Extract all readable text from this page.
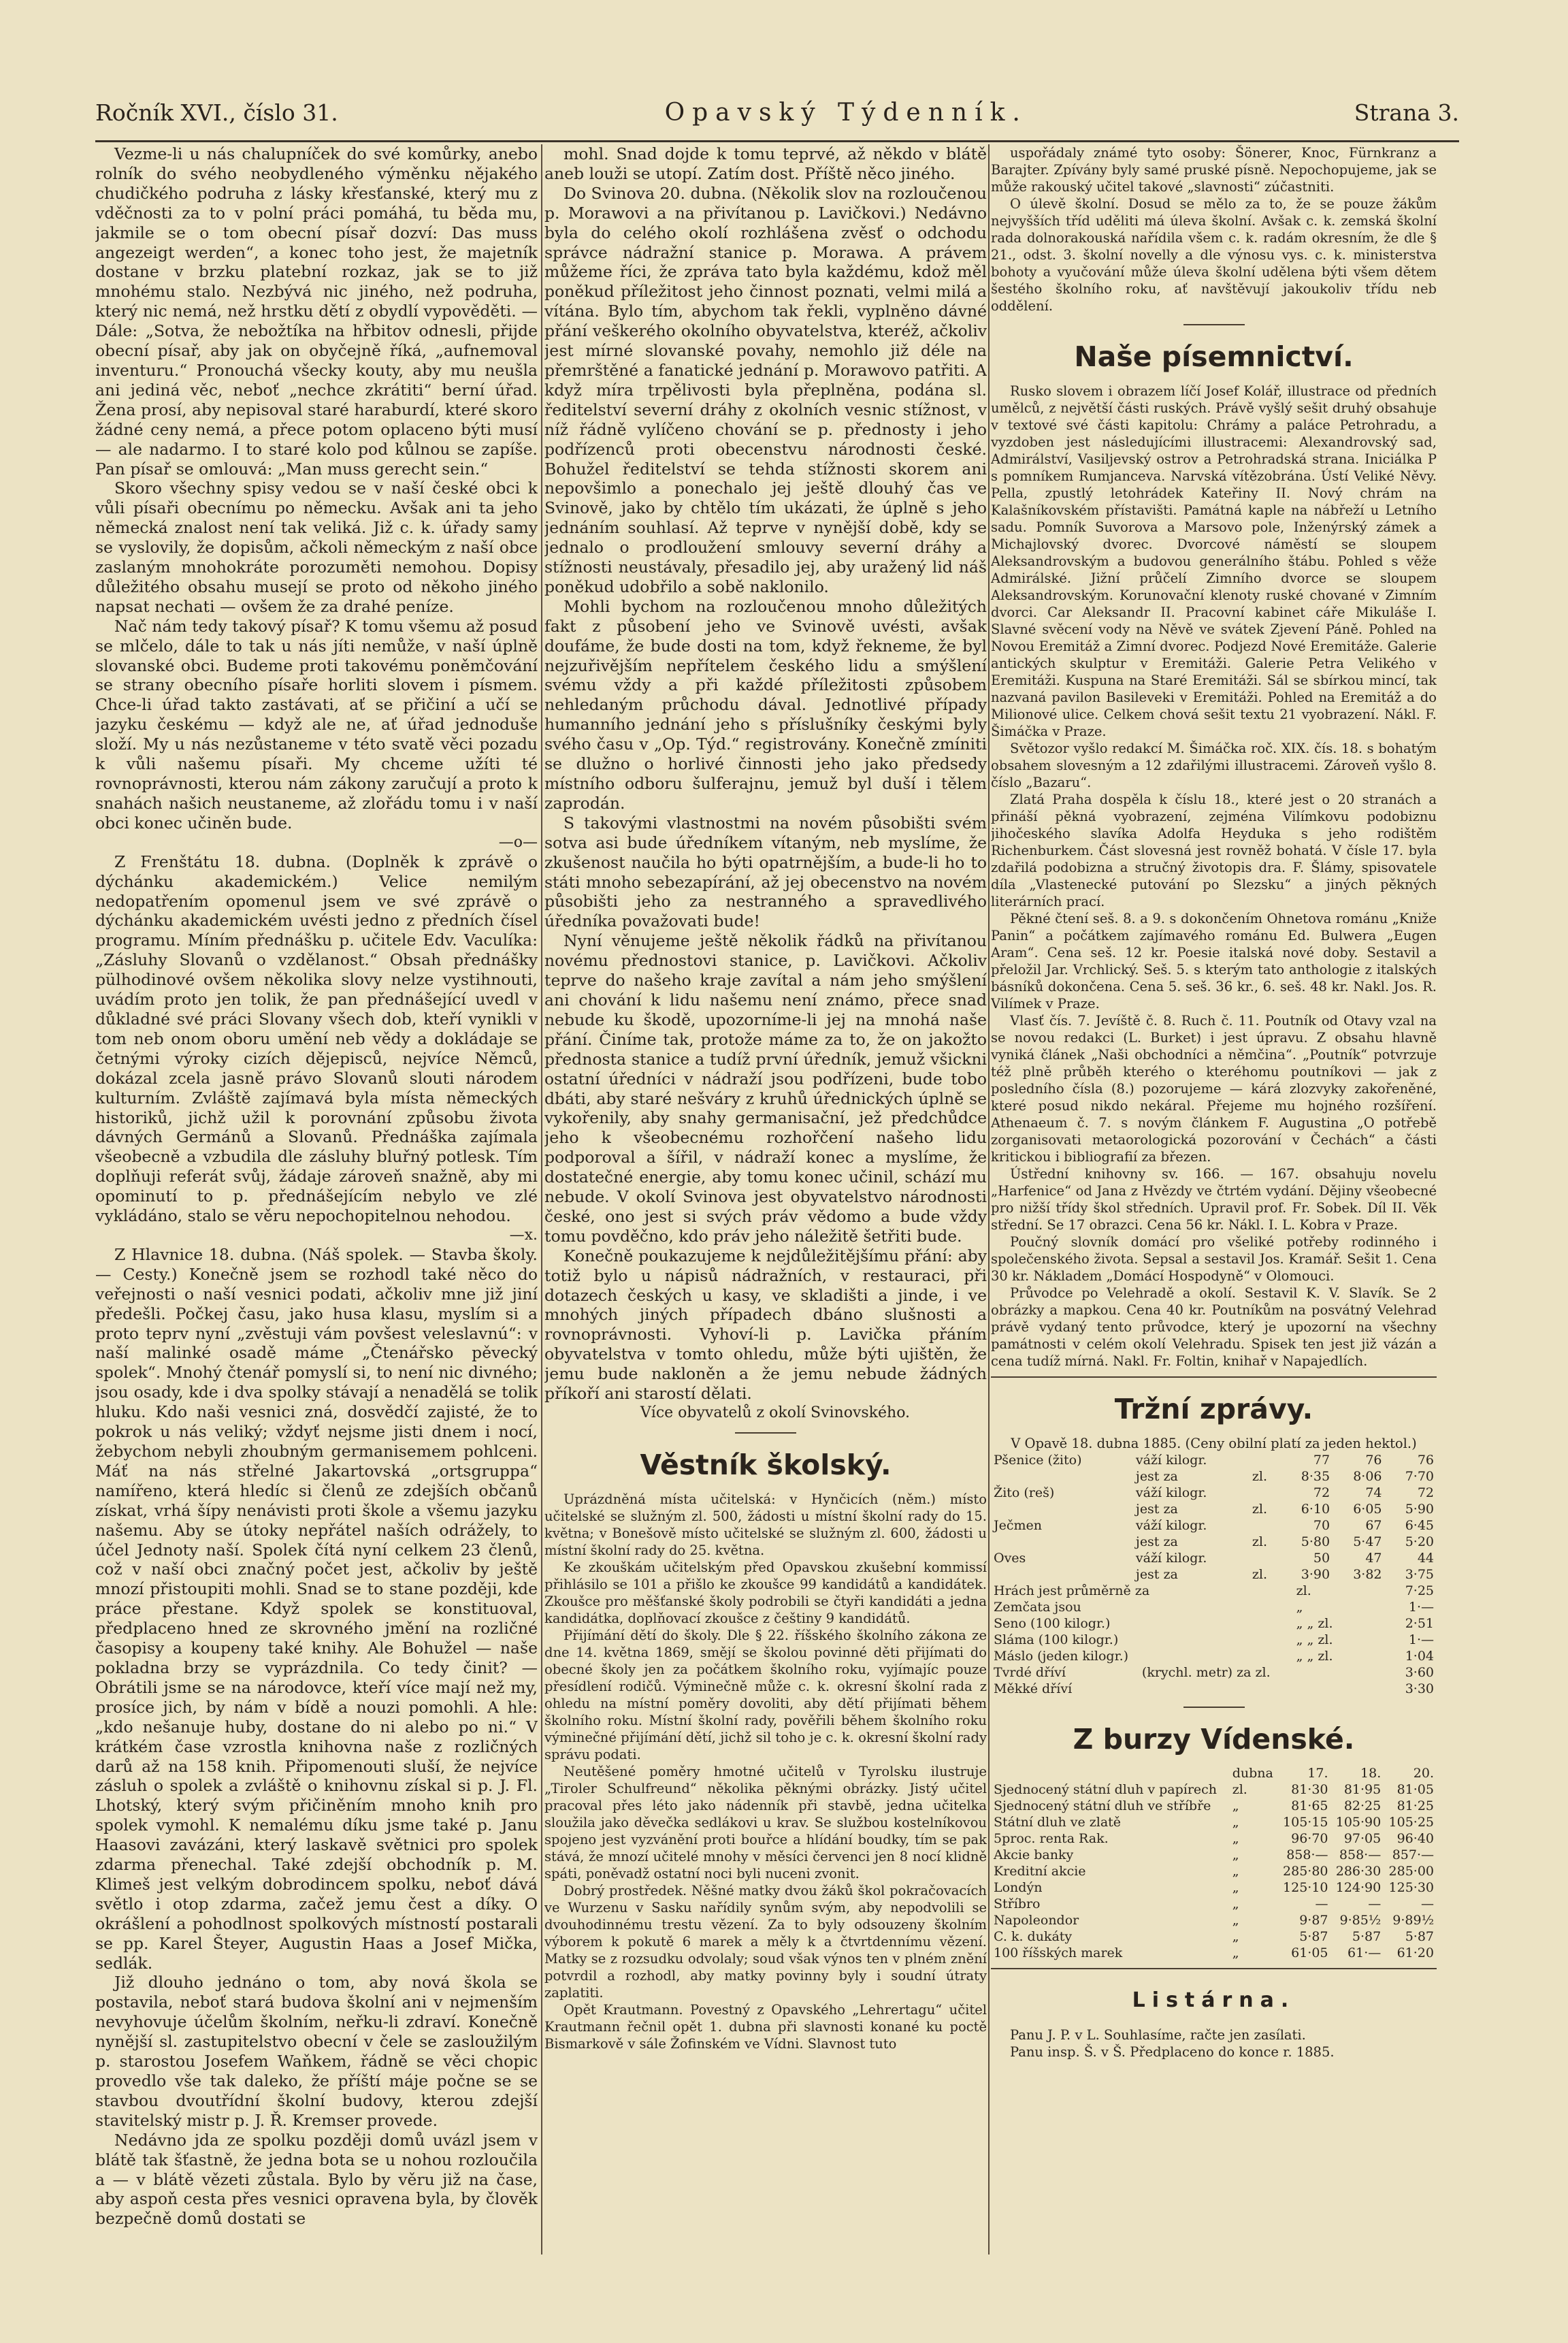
Ročník XVI., číslo 31.	Opavský Týdenník.	Strana 3.

Vezme-li u nás chalupníček do své komůrky, anebo rolník do svého neobydleného výměnku nějakého chudičkého podruha z lásky křesťanské, který mu z vděčnosti za to v polní práci pomáhá, tu běda mu, jakmile se o tom obecní písař dozví: Das muss angezeigt werden“, a konec toho jest, že majetník dostane v brzku platební rozkaz, jak se to již mnohému stalo. Nezbývá nic jiného, než podruha, který nic nemá, než hrstku dětí z obydlí vypověděti. — Dále: „Sotva, že nebožtíka na hřbitov odnesli, přijde obecní písař, aby jak on obyčejně říká, „aufnemoval inventuru.“ Pronouchá všecky kouty, aby mu neušla ani jediná věc, neboť „nechce zkrátiti“ berní úřad. Žena prosí, aby nepisoval staré haraburdí, které skoro žádné ceny nemá, a přece potom oplaceno býti musí — ale nadarmo. I to staré kolo pod kůlnou se zapíše. Pan písař se omlouvá: „Man muss gerecht sein.“

Skoro všechny spisy vedou se v naší české obci k vůli písaři obecnímu po německu. Avšak ani ta jeho německá znalost není tak veliká. Již c. k. úřady samy se vyslovily, že dopisům, ačkoli německým z naší obce zaslaným mnohokráte porozuměti nemohou. Dopisy důležitého obsahu musejí se proto od někoho jiného napsat nechati — ovšem že za drahé peníze.

Nač nám tedy takový písař? K tomu všemu až posud se mlčelo, dále to tak u nás jíti nemůže, v naší úplně slovanské obci. Budeme proti takovému poněmčování se strany obecního písaře horliti slovem i písmem. Chce-li úřad takto zastávati, ať se přičiní a učí se jazyku českému — když ale ne, ať úřad jednoduše složí. My u nás nezůstaneme v této svatě věci pozadu k vůli našemu písaři. My chceme užíti té rovnoprávnosti, kterou nám zákony zaručují a proto k snahách našich neustaneme, až zlořádu tomu i v naší obci konec učiněn bude.

—o—

Z Frenštátu 18. dubna. (Doplněk k zprávě o dýchánku akademickém.) Velice nemilým nedopatřením opomenul jsem ve své zprávě o dýchánku akademickém uvésti jedno z předních čísel programu. Míním přednášku p. učitele Edv. Vaculíka: „Zásluhy Slovanů o vzdělanost.“ Obsah přednášky pülhodinové ovšem několika slovy nelze vystihnouti, uvádím proto jen tolik, že pan přednášející uvedl v důkladné své práci Slovany všech dob, kteří vynikli v tom neb onom oboru umění neb vědy a dokládaje se četnými výroky cizích dějepisců, nejvíce Němců, dokázal zcela jasně právo Slovanů slouti národem kulturním. Zvláště zajímavá byla místa německých historiků, jichž užil k porovnání způsobu života dávných Germánů a Slovanů. Přednáška zajímala všeobecně a vzbudila dle zásluhy bluřný potlesk. Tím doplňuji referát svůj, žádaje zároveň snažně, aby mi opominutí to p. přednášejícím nebylo ve zlé vykládáno, stalo se věru nepochopitelnou nehodou.

—x.

Z Hlavnice 18. dubna. (Náš spolek. — Stavba školy. — Cesty.) Konečně jsem se rozhodl také něco do veřejnosti o naší vesnici podati, ačkoliv mne již jiní předešli. Počkej času, jako husa klasu, myslím si a proto teprv nyní „zvěstuji vám povšest veleslavnú“: v naší malinké osadě máme „Čtenářsko pěvecký spolek“. Mnohý čtenář pomyslí si, to není nic divného; jsou osady, kde i dva spolky stávají a nenadělá se tolik hluku. Kdo naši vesnici zná, dosvědčí zajisté, že to pokrok u nás veliký; vždyť nejsme jisti dnem i nocí, žebychom nebyli zhoubným germanisemem pohlceni. Máť na nás střelné Jakartovská „ortsgruppa“ namířeno, která hledíc si členů ze zdejších občanů získat, vrhá šípy nenávisti proti škole a všemu jazyku našemu. Aby se útoky nepřátel naších odrážely, to účel Jednoty naší. Spolek čítá nyní celkem 23 členů, což v naší obci značný počet jest, ačkoliv by ještě mnozí přistoupiti mohli. Snad se to stane později, kde práce přestane. Když spolek se konstituoval, předplaceno hned ze skrovného jmění na rozličné časopisy a koupeny také knihy. Ale Bohužel — naše pokladna brzy se vyprázdnila. Co tedy činit? — Obrátili jsme se na národovce, kteří více mají než my, prosíce jich, by nám v bídě a nouzi pomohli. A hle: „kdo nešanuje huby, dostane do ni alebo po ni.“ V krátkém čase vzrostla knihovna naše z rozličných darů až na 158 knih. Připomenouti sluší, že nejvíce zásluh o spolek a zvláště o knihovnu získal si p. J. Fl. Lhotský, který svým přičiněním mnoho knih pro spolek vymohl. K nemalému díku jsme také p. Janu Haasovi zavázáni, který laskavě světnici pro spolek zdarma přenechal. Také zdejší obchodník p. M. Klimeš jest velkým dobrodincem spolku, neboť dává světlo i otop zdarma, začež jemu čest a díky. O okrášlení a pohodlnost spolkových místností postarali se pp. Karel Šteyer, Augustin Haas a Josef Mička, sedlák.

Již dlouho jednáno o tom, aby nová škola se postavila, neboť stará budova školní ani v nejmenším nevyhovuje účelům školním, neřku-li zdraví. Konečně nynější sl. zastupitelstvo obecní v čele se zasloužilým p. starostou Josefem Waňkem, řádně se věci chopic provedlo vše tak daleko, že příští máje počne se se stavbou dvoutřídní školní budovy, kterou zdejší stavitelský mistr p. J. Ř. Kremser provede.

Nedávno jda ze spolku později domů uvázl jsem v blátě tak šťastně, že jedna bota se u nohou rozloučila a — v blátě vězeti zůstala. Bylo by věru již na čase, aby aspoň cesta přes vesnici opravena byla, by člověk bezpečně domů dostati se

mohl. Snad dojde k tomu teprvé, až někdo v blátě aneb louži se utopí. Zatím dost. Příště něco jiného.

Do Svinova 20. dubna. (Několik slov na rozloučenou p. Morawovi a na přivítanou p. Lavičkovi.) Nedávno byla do celého okolí rozhlášena zvěsť o odchodu správce nádražní stanice p. Morawa. A právem můžeme říci, že zpráva tato byla každému, kdož měl poněkud příležitost jeho činnost poznati, velmi milá a vítána. Bylo tím, abychom tak řekli, vyplněno dávné přání veškerého okolního obyvatelstva, kteréž, ačkoliv jest mírné slovanské povahy, nemohlo již déle na přemrštěné a fanatické jednání p. Morawovo patřiti. A když míra trpělivosti byla přeplněna, podána sl. ředitelství severní dráhy z okolních vesnic stížnost, v níž řádně vylíčeno chování se p. přednosty i jeho podřízenců proti obecenstvu národnosti české. Bohužel ředitelství se tehda stížnosti skorem ani nepovšimlo a ponechalo jej ještě dlouhý čas ve Svinově, jako by chtělo tím ukázati, že úplně s jeho jednáním souhlasí. Až teprve v nynější době, kdy se jednalo o prodloužení smlouvy severní dráhy a stížnosti neustávaly, přesadilo jej, aby uražený lid náš poněkud udobřilo a sobě naklonilo.

Mohli bychom na rozloučenou mnoho důležitých fakt z působení jeho ve Svinově uvésti, avšak doufáme, že bude dosti na tom, když řekneme, že byl nejzuřivějším nepřítelem českého lidu a smýšlení svému vždy a při každé příležitosti způsobem nehledaným průchodu dával. Jednotlivé případy humanního jednání jeho s příslušníky českými byly svého času v „Op. Týd.“ registrovány. Konečně zmíniti se dlužno o horlivé činnosti jeho jako předsedy místního odboru šulferajnu, jemuž byl duší i tělem zaprodán.

S takovými vlastnostmi na novém působišti svém sotva asi bude úředníkem vítaným, neb myslíme, že zkušenost naučila ho býti opatrnějším, a bude-li ho to státi mnoho sebezapírání, až jej obecenstvo na novém působišti jeho za nestranného a spravedlivého úředníka považovati bude!

Nyní věnujeme ještě několik řádků na přivítanou novému přednostovi stanice, p. Lavičkovi. Ačkoliv teprve do našeho kraje zavítal a nám jeho smýšlení ani chování k lidu našemu není známo, přece snad nebude ku škodě, upozorníme-li jej na mnohá naše přání. Činíme tak, protože máme za to, že on jakožto přednosta stanice a tudíž první úředník, jemuž všickni ostatní úředníci v nádraží jsou podřízeni, bude tobo dbáti, aby staré nešváry z kruhů úřednických úplně se vykořenily, aby snahy germanisační, jež předchůdce jeho k všeobecnému rozhořčení našeho lidu podporoval a šířil, v nádraží konec a myslíme, že dostatečné energie, aby tomu konec učinil, schází mu nebude. V okolí Svinova jest obyvatelstvo národnosti české, ono jest si svých práv vědomo a bude vždy tomu povděčno, kdo práv jeho náležitě šetřiti bude.

Konečně poukazujeme k nejdůležitějšímu přání: aby totiž bylo u nápisů nádražních, v restauraci, při dotazech českých u kasy, ve skladišti a jinde, i ve mnohých jiných případech dbáno slušnosti a rovnoprávnosti. Vyhoví-li p. Lavička přáním obyvatelstva v tomto ohledu, může býti ujištěn, že jemu bude nakloněn a že jemu nebude žádných příkoří ani starostí dělati.

Více obyvatelů z okolí Svinovského.

Věstník školský.

Uprázdněná místa učitelská: v Hynčicích (něm.) místo učitelské se služným zl. 500, žádosti u místní školní rady do 15. května; v Bonešově místo učitelské se služným zl. 600, žádosti u místní školní rady do 25. května.

Ke zkouškám učitelským před Opavskou zkušební kommissí přihlásilo se 101 a přišlo ke zkoušce 99 kandidátů a kandidátek. Zkoušce pro měšťanské školy podrobili se čtyři kandidáti a jedna kandidátka, doplňovací zkoušce z češtiny 9 kandidátů.

Přijímání dětí do školy. Dle § 22. říšského školního zákona ze dne 14. května 1869, smějí se školou povinné děti přijímati do obecné školy jen za počátkem školního roku, vyjímajíc pouze přesídlení rodičů. Výminečně může c. k. okresní školní rada z ohledu na místní poměry dovoliti, aby dětí přijímati během školního roku. Místní školní rady, pověřili během školního roku výminečné přijímání dětí, jichž sil toho je c. k. okresní školní rady správu podati.

Neutěšené poměry hmotné učitelů v Tyrolsku ilustruje „Tiroler Schulfreund“ několika pěknými obrázky. Jistý učitel pracoval přes léto jako nádenník při stavbě, jedna učitelka sloužila jako děvečka sedlákovi u krav. Se službou kostelníkovou spojeno jest vyzvánění proti bouřce a hlídání boudky, tím se pak stává, že mnozí učitelé mnohy v měsíci červenci jen 8 nocí klidně spáti, poněvadž ostatní noci byli nuceni zvonit.

Dobrý prostředek. Něšné matky dvou žáků škol pokračovacích ve Wurzenu v Sasku nařídily synům svým, aby nepodvolili se dvouhodinnému trestu vězení. Za to byly odsouzeny školním výborem k pokutě 6 marek a měly k a čtvrtdennímu vězení. Matky se z rozsudku odvolaly; soud však výnos ten v plném znění potvrdil a rozhodl, aby matky povinny byly i soudní útraty zaplatiti.

Opět Krautmann. Povestný z Opavského „Lehrertagu“ učitel Krautmann řečnil opět 1. dubna při slavnosti konané ku poctě Bismarkově v sále Žofinském ve Vídni. Slavnost tuto

uspořádaly známé tyto osoby: Šönerer, Knoc, Fürnkranz a Barajter. Zpívány byly samé pruské písně. Nepochopujeme, jak se může rakouský učitel takové „slavnosti“ zúčastniti.

O úlevě školní. Dosud se mělo za to, že se pouze žákům nejvyšších tříd uděliti má úleva školní. Avšak c. k. zemská školní rada dolnorakouská nařídila všem c. k. radám okresním, že dle § 21., odst. 3. školní novelly a dle výnosu vys. c. k. ministerstva bohoty a vyučování může úleva školní udělena býti všem dětem šestého školního roku, ať navštěvují jakoukoliv třídu neb oddělení.

Naše písemnictví.

Rusko slovem i obrazem líčí Josef Kolář, illustrace od předních umělců, z největší části ruských. Právě vyšlý sešit druhý obsahuje v textové své části kapitolu: Chrámy a paláce Petrohradu, a vyzdoben jest následujícími illustracemi: Alexandrovský sad, Admirálství, Vasiljevský ostrov a Petrohradská strana. Iniciálka P s pomníkem Rumjanceva. Narvská vítězobrána. Ústí Veliké Něvy. Pella, zpustlý letohrádek Kateřiny II. Nový chrám na Kalašníkovském přístavišti. Památná kaple na nábřeží u Letního sadu. Pomník Suvorova a Marsovo pole, Inženýrský zámek a Michajlovský dvorec. Dvorcové náměstí se sloupem Aleksandrovským a budovou generálního štábu. Pohled s věže Admirálské. Jižní průčelí Zimního dvorce se sloupem Aleksandrovským. Korunovační klenoty ruské chované v Zimním dvorci. Car Aleksandr II. Pracovní kabinet cáře Mikuláše I. Slavné svěcení vody na Něvě ve svátek Zjevení Páně. Pohled na Novou Eremitáž a Zimní dvorec. Podjezd Nové Eremitáže. Galerie antických skulptur v Eremitáži. Galerie Petra Velikého v Eremitáži. Kuspuna na Staré Eremitáži. Sál se sbírkou mincí, tak nazvaná pavilon Basileveki v Eremitáži. Pohled na Eremitáž a do Milionové ulice. Celkem chová sešit textu 21 vyobrazení. Nákl. F. Šimáčka v Praze.

Světozor vyšlo redakcí M. Šimáčka roč. XIX. čís. 18. s bohatým obsahem slovesným a 12 zdařilými illustracemi. Zároveň vyšlo 8. číslo „Bazaru“.

Zlatá Praha dospěla k číslu 18., které jest o 20 stranách a přináší pěkná vyobrazení, zejména Vilímkovu podobiznu jihočeského slavíka Adolfa Heyduka s jeho rodištěm Richenburkem. Část slovesná jest rovněž bohatá. V čísle 17. byla zdařilá podobizna a stručný životopis dra. F. Šlámy, spisovatele díla „Vlastenecké putování po Slezsku“ a jiných pěkných literárních prací.

Pěkné čtení seš. 8. a 9. s dokončením Ohnetova románu „Kniže Panin“ a počátkem zajímavého románu Ed. Bulwera „Eugen Aram“. Cena seš. 12 kr. Poesie italská nové doby. Sestavil a přeložil Jar. Vrchlický. Seš. 5. s kterým tato anthologie z italských básníků dokončena. Cena 5. seš. 36 kr., 6. seš. 48 kr. Nakl. Jos. R. Vilímek v Praze.

Vlasť čís. 7. Jevíště č. 8. Ruch č. 11. Poutník od Otavy vzal na se novou redakci (L. Burket) i jest úpravu. Z obsahu hlavně vyniká článek „Naši obchodníci a němčina“. „Poutník“ potvrzuje též plně průběh kterého o kteréhomu poutníkovi — jak z posledního čísla (8.) pozorujeme — kárá zlozvyky zakořeněné, které posud nikdo nekáral. Přejeme mu hojného rozšíření. Athenaeum č. 7. s novým článkem F. Augustina „O potřebě zorganisovati metaorologická pozorování v Čechách“ a části kritickou i bibliografií za březen.

Ústřední knihovny sv. 166. — 167. obsahuju novelu „Harfenice“ od Jana z Hvězdy ve čtrtém vydání. Dějiny všeobecné pro nižší třídy škol středních. Upravil prof. Fr. Sobek. Díl II. Věk střední. Se 17 obrazci. Cena 56 kr. Nákl. I. L. Kobra v Praze.

Poučný slovník domácí pro všeliké potřeby rodinného i společenského života. Sepsal a sestavil Jos. Kramář. Sešit 1. Cena 30 kr. Nákladem „Domácí Hospodyně“ v Olomouci.

Průvodce po Velehradě a okolí. Sestavil K. V. Slavík. Se 2 obrázky a mapkou. Cena 40 kr. Poutníkům na posvátný Velehrad právě vydaný tento průvodce, který je upozorní na všechny památnosti v celém okolí Velehradu. Spisek ten jest již vázán a cena tudíž mírná. Nakl. Fr. Foltin, knihař v Napajedlích.

Tržní zprávy.

V Opavě 18. dubna 1885. (Ceny obilní platí za jeden hektol.)

Pšenice (žito)	váží kilogr.		77	76	76
	jest za	zl.	8·35	8·06	7·70
Žito (reš)	váží kilogr.		72	74	72
	jest za	zl.	6·10	6·05	5·90
Ječmen	váží kilogr.		70	67	6·45
	jest za	zl.	5·80	5·47	5·20
Oves	váží kilogr.		50	47	44
	jest za	zl.	3·90	3·82	3·75
Hrách jest průměrně za	zl.	7·25
Zemčata jsou	„	1·—
Seno (100 kilogr.)	„ „ zl.	2·51
Sláma (100 kilogr.)	„ „ zl.	1·—
Máslo (jeden kilogr.)	„ „ zl.	1·04
Tvrdé dříví	(krychl. metr) za zl.	3·60
Měkké dříví		3·30
Z burzy Vídenské.
	dubna	17.	18.	20.
Sjednocený státní dluh v papírech	zl.	81·30	81·95	81·05
Sjednocený státní dluh ve stříbře	„	81·65	82·25	81·25
Státní dluh ve zlatě	„	105·15	105·90	105·25
5proc. renta Rak.	„	96·70	97·05	96·40
Akcie banky	„	858·—	858·—	857·—
Kreditní akcie	„	285·80	286·30	285·00
Londýn	„	125·10	124·90	125·30
Stříbro	„	—	—	—
Napoleondor	„	9·87	9·85½	9·89½
C. k. dukáty	„	5·87	5·87	5·87
100 říšských marek	„	61·05	61·—	61·20
Listárna.

Panu J. P. v L. Souhlasíme, račte jen zasílati.

Panu insp. Š. v Š. Předplaceno do konce r. 1885.
